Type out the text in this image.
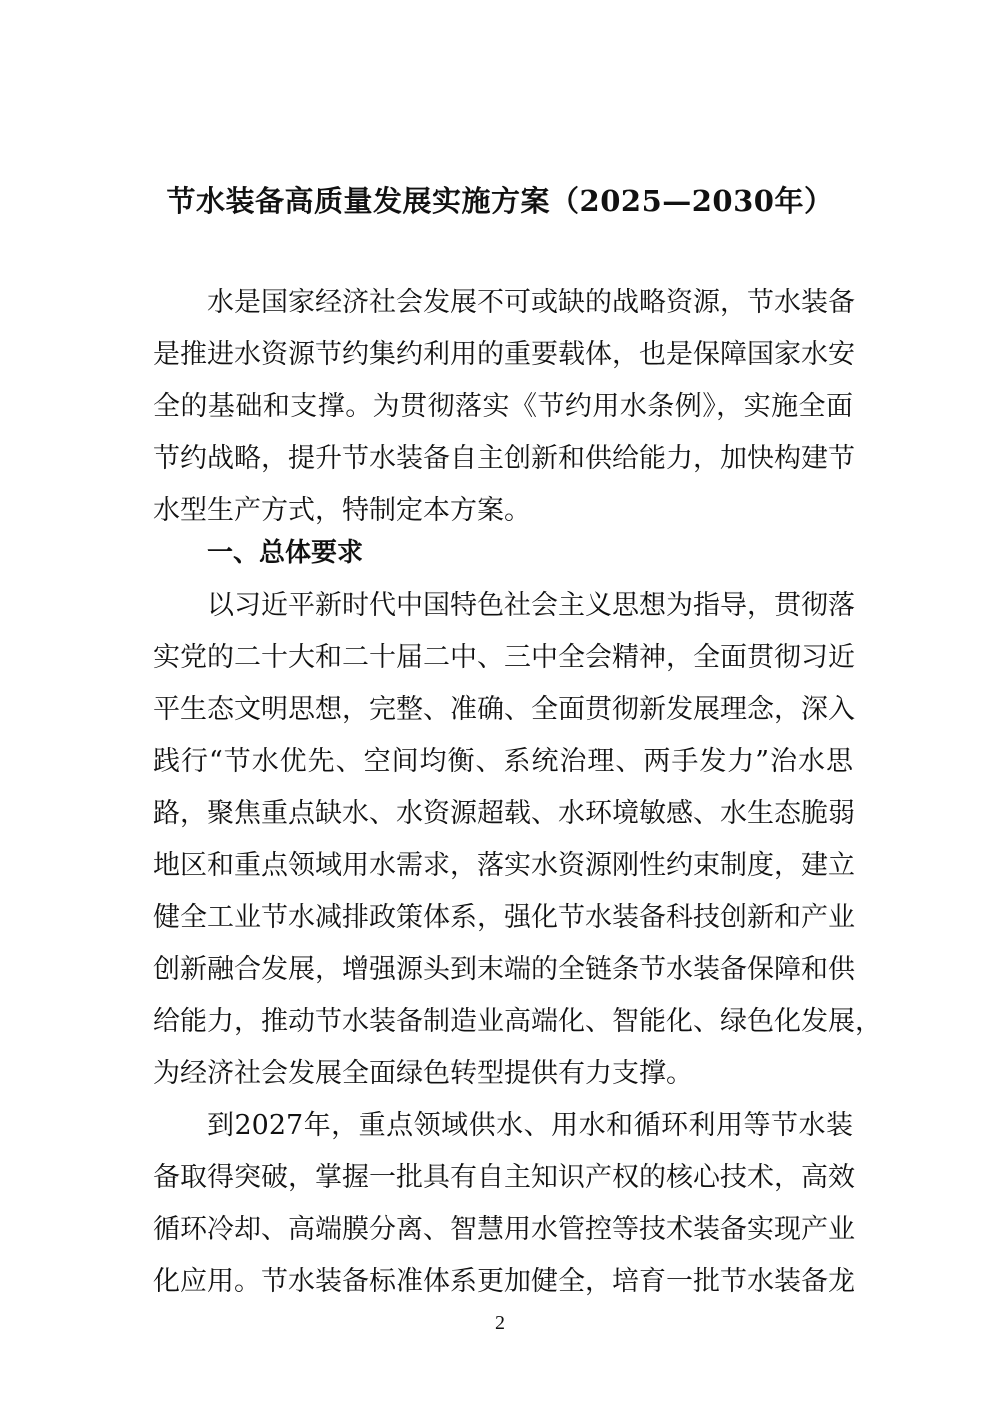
节水装备高质量发展实施方案（2025—2030年）
水是国家经济社会发展不可或缺的战略资源，节水装备
是推进水资源节约集约利用的重要载体，也是保障国家水安
全的基础和支撑。为贯彻落实《节约用水条例》，实施全面
节约战略，提升节水装备自主创新和供给能力，加快构建节
水型生产方式，特制定本方案。
一、总体要求
以习近平新时代中国特色社会主义思想为指导，贯彻落
实党的二十大和二十届二中、三中全会精神，全面贯彻习近
平生态文明思想，完整、准确、全面贯彻新发展理念，深入
践行“节水优先、空间均衡、系统治理、两手发力”治水思
路，聚焦重点缺水、水资源超载、水环境敏感、水生态脆弱
地区和重点领域用水需求，落实水资源刚性约束制度，建立
健全工业节水减排政策体系，强化节水装备科技创新和产业
创新融合发展，增强源头到末端的全链条节水装备保障和供
给能力，推动节水装备制造业高端化、智能化、绿色化发展，
为经济社会发展全面绿色转型提供有力支撑。
到2027年，重点领域供水、用水和循环利用等节水装
备取得突破，掌握一批具有自主知识产权的核心技术，高效
循环冷却、高端膜分离、智慧用水管控等技术装备实现产业
化应用。节水装备标准体系更加健全，培育一批节水装备龙
2
